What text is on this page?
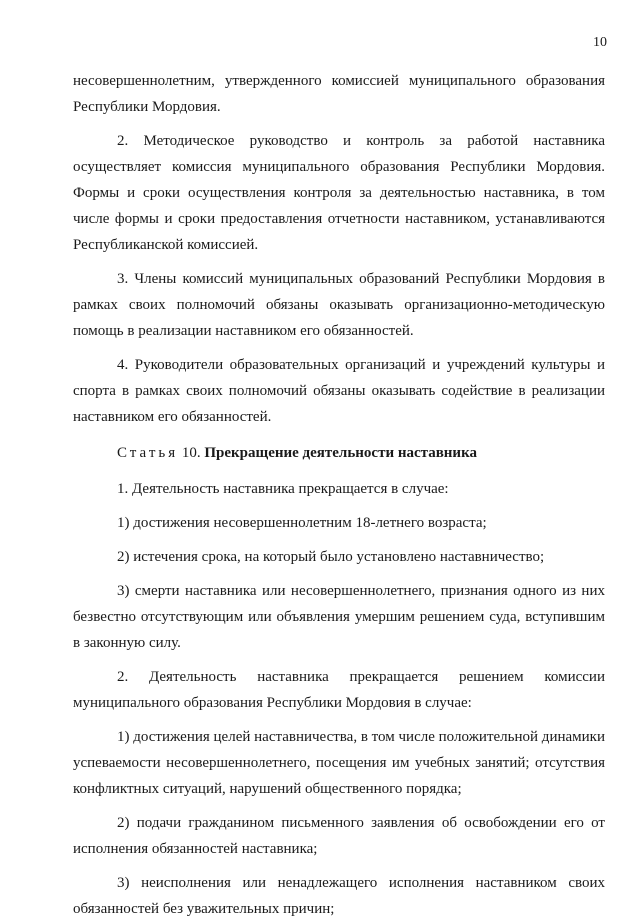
10

несовершеннолетним, утвержденного комиссией муниципального образования Республики Мордовия.

2. Методическое руководство и контроль за работой наставника осуществляет комиссия муниципального образования Республики Мордовия. Формы и сроки осуществления контроля за деятельностью наставника, в том числе формы и сроки предоставления отчетности наставником, устанавливаются Республиканской комиссией.

3. Члены комиссий муниципальных образований Республики Мордовия в рамках своих полномочий обязаны оказывать организационно-методическую помощь в реализации наставником его обязанностей.

4. Руководители образовательных организаций и учреждений культуры и спорта в рамках своих полномочий обязаны оказывать содействие в реализации наставником его обязанностей.

Статья 10. Прекращение деятельности наставника

1. Деятельность наставника прекращается в случае:

1) достижения несовершеннолетним 18-летнего возраста;

2) истечения срока, на который было установлено наставничество;

3) смерти наставника или несовершеннолетнего, признания одного из них безвестно отсутствующим или объявления умершим решением суда, вступившим в законную силу.

2. Деятельность наставника прекращается решением комиссии муниципального образования Республики Мордовия в случае:

1) достижения целей наставничества, в том числе положительной динамики успеваемости несовершеннолетнего, посещения им учебных занятий; отсутствия конфликтных ситуаций, нарушений общественного порядка;

2) подачи гражданином письменного заявления об освобождении его от исполнения обязанностей наставника;

3) неисполнения или ненадлежащего исполнения наставником своих обязанностей без уважительных причин;
